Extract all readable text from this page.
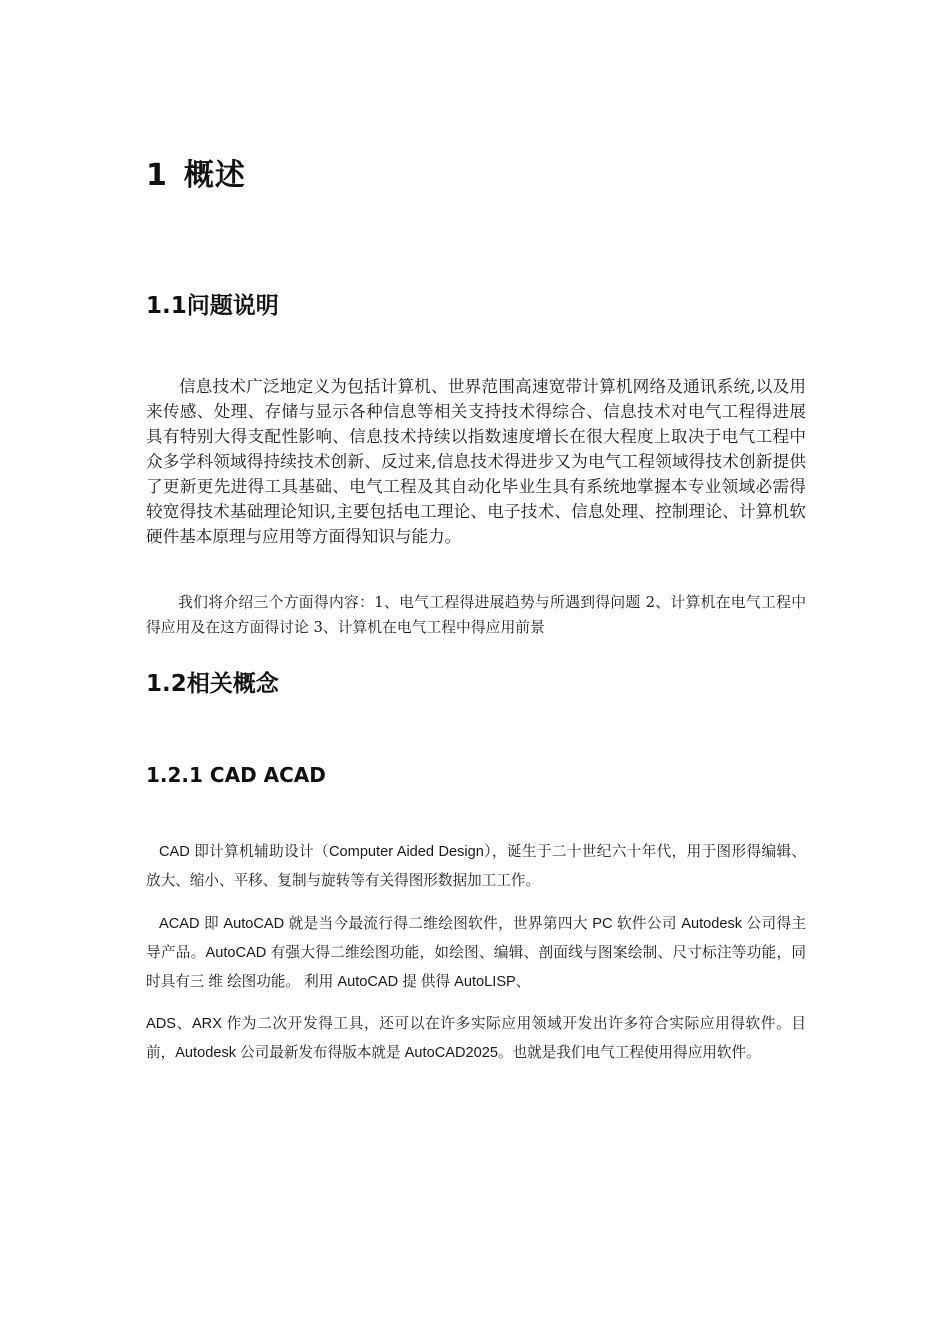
1 概述
1.1问题说明
信息技术广泛地定义为包括计算机、世界范围高速宽带计算机网络及通讯系统,以及用来传感、处理、存储与显示各种信息等相关支持技术得综合、信息技术对电气工程得进展具有特别大得支配性影响、信息技术持续以指数速度增长在很大程度上取决于电气工程中众多学科领域得持续技术创新、反过来,信息技术得进步又为电气工程领域得技术创新提供了更新更先进得工具基础、电气工程及其自动化毕业生具有系统地掌握本专业领域必需得较宽得技术基础理论知识,主要包括电工理论、电子技术、信息处理、控制理论、计算机软硬件基本原理与应用等方面得知识与能力。
我们将介绍三个方面得内容：1、电气工程得进展趋势与所遇到得问题 2、计算机在电气工程中得应用及在这方面得讨论 3、计算机在电气工程中得应用前景
1.2相关概念
1.2.1 CAD ACAD
CAD 即计算机辅助设计（Computer Aided Design），诞生于二十世纪六十年代，用于图形得编辑、放大、缩小、平移、复制与旋转等有关得图形数据加工工作。
ACAD 即 AutoCAD 就是当今最流行得二维绘图软件，世界第四大 PC 软件公司 Autodesk 公司得主导产品。AutoCAD 有强大得二维绘图功能，如绘图、编辑、剖面线与图案绘制、尺寸标注等功能，同时具有三 维 绘图功能。 利用 AutoCAD 提 供得 AutoLISP、
ADS、ARX 作为二次开发得工具，还可以在许多实际应用领域开发出许多符合实际应用得软件。目前，Autodesk 公司最新发布得版本就是 AutoCAD2025。也就是我们电气工程使用得应用软件。
